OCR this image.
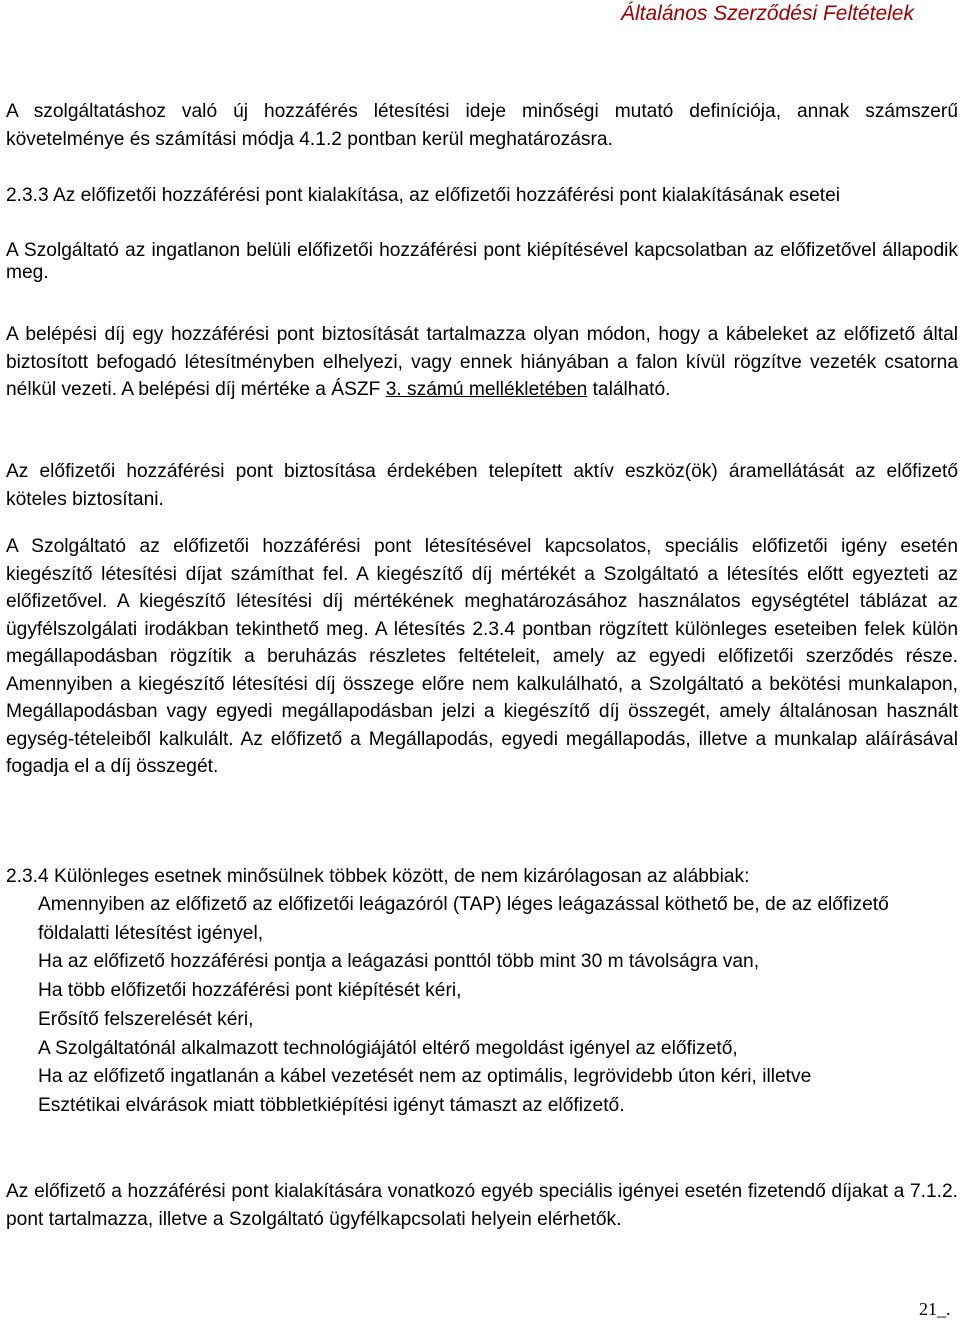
Általános Szerződési Feltételek
A szolgáltatáshoz való új hozzáférés létesítési ideje minőségi mutató definíciója, annak számszerű követelménye és számítási módja 4.1.2 pontban kerül meghatározásra.
2.3.3 Az előfizetői hozzáférési pont kialakítása, az előfizetői hozzáférési pont kialakításának esetei
A Szolgáltató az ingatlanon belüli előfizetői hozzáférési pont kiépítésével kapcsolatban az előfizetővel állapodik meg.
A belépési díj egy hozzáférési pont biztosítását tartalmazza olyan módon, hogy a kábeleket az előfizető által biztosított befogadó létesítményben elhelyezi, vagy ennek hiányában a falon kívül rögzítve vezeték csatorna nélkül vezeti. A belépési díj mértéke a ÁSZF 3. számú mellékletében található.
Az előfizetői hozzáférési pont biztosítása érdekében telepített aktív eszköz(ök) áramellátását az előfizető köteles biztosítani.
A Szolgáltató az előfizetői hozzáférési pont létesítésével kapcsolatos, speciális előfizetői igény esetén kiegészítő létesítési díjat számíthat fel. A kiegészítő díj mértékét a Szolgáltató a létesítés előtt egyezteti az előfizetővel. A kiegészítő létesítési díj mértékének meghatározásához használatos egységtétel táblázat az ügyfélszolgálati irodákban tekinthető meg. A létesítés 2.3.4 pontban rögzített különleges eseteiben felek külön megállapodásban rögzítik a beruházás részletes feltételeit, amely az egyedi előfizetői szerződés része. Amennyiben a kiegészítő létesítési díj összege előre nem kalkulálható, a Szolgáltató a bekötési munkalapon, Megállapodásban vagy egyedi megállapodásban jelzi a kiegészítő díj összegét, amely általánosan használt egység-tételeiből kalkulált. Az előfizető a Megállapodás, egyedi megállapodás, illetve a munkalap aláírásával fogadja el a díj összegét.
2.3.4 Különleges esetnek minősülnek többek között, de nem kizárólagosan az alábbiak:
Amennyiben az előfizető az előfizetői leágazóról (TAP) léges leágazással köthető be, de az előfizető földalatti létesítést igényel,
Ha az előfizető hozzáférési pontja a leágazási ponttól több mint 30 m távolságra van,
Ha több előfizetői hozzáférési pont kiépítését kéri,
Erősítő felszerelését kéri,
A Szolgáltatónál alkalmazott technológiájától eltérő megoldást igényel az előfizető,
Ha az előfizető ingatlanán a kábel vezetését nem az optimális, legrövidebb úton kéri, illetve
Esztétikai elvárások miatt többletkiépítési igényt támaszt az előfizető.
Az előfizető a hozzáférési pont kialakítására vonatkozó egyéb speciális igényei esetén fizetendő díjakat a 7.1.2. pont tartalmazza, illetve a Szolgáltató ügyfélkapcsolati helyein elérhetők.
21_.
